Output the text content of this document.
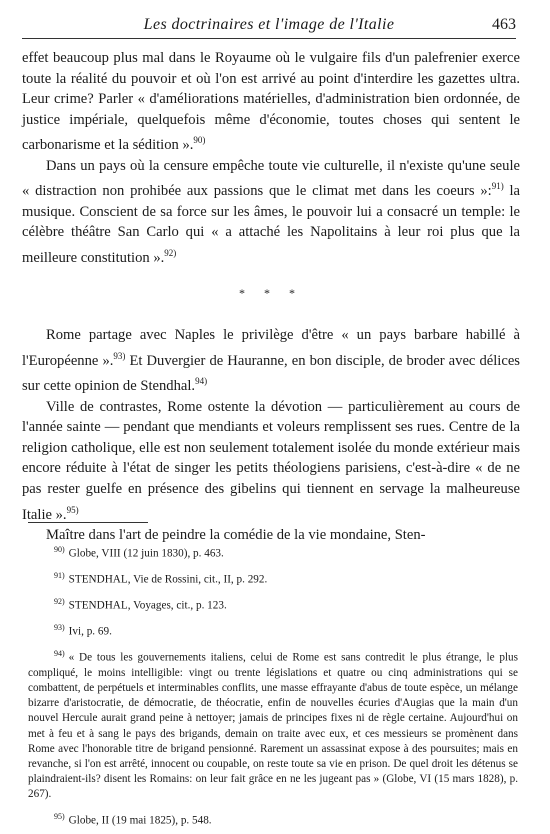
Les doctrinaires et l'image de l'Italie	463

effet beaucoup plus mal dans le Royaume où le vulgaire fils d'un palefrenier exerce toute la réalité du pouvoir et où l'on est arrivé au point d'interdire les gazettes ultra. Leur crime? Parler « d'améliorations matérielles, d'administration bien ordonnée, de justice impériale, quelquefois même d'économie, toutes choses qui sentent le carbonarisme et la sédition ».$^{90)}$

Dans un pays où la censure empêche toute vie culturelle, il n'existe qu'une seule « distraction non prohibée aux passions que le climat met dans les coeurs »:$^{91)}$ la musique. Conscient de sa force sur les âmes, le pouvoir lui a consacré un temple: le célèbre théâtre San Carlo qui « a attaché les Napolitains à leur roi plus que la meilleure constitution ».$^{92)}$

* * *

Rome partage avec Naples le privilège d'être « un pays barbare habillé à l'Européenne ».$^{93)}$ Et Duvergier de Hauranne, en bon disciple, de broder avec délices sur cette opinion de Stendhal.$^{94)}$

Ville de contrastes, Rome ostente la dévotion — particulièrement au cours de l'année sainte — pendant que mendiants et voleurs remplissent ses rues. Centre de la religion catholique, elle est non seulement totalement isolée du monde extérieur mais encore réduite à l'état de singer les petits théologiens parisiens, c'est-à-dire « de ne pas rester guelfe en présence des gibelins qui tiennent en servage la malheureuse Italie ».$^{95)}$

Maître dans l'art de peindre la comédie de la vie mondaine, Sten-

$^{90)}$ Globe, VIII (12 juin 1830), p. 463.

$^{91)}$ STENDHAL, Vie de Rossini, cit., II, p. 292.

$^{92)}$ STENDHAL, Voyages, cit., p. 123.

$^{93)}$ Ivi, p. 69.

$^{94)}$ « De tous les gouvernements italiens, celui de Rome est sans contredit le plus étrange, le plus compliqué, le moins intelligible: vingt ou trente législations et quatre ou cinq administrations qui se combattent, de perpétuels et interminables conflits, une masse effrayante d'abus de toute espèce, un mélange bizarre d'aristocratie, de démocratie, de théocratie, enfin de nouvelles écuries d'Augias que la main d'un nouvel Hercule aurait grand peine à nettoyer; jamais de principes fixes ni de règle certaine. Aujourd'hui on met à feu et à sang le pays des brigands, demain on traite avec eux, et ces messieurs se promènent dans Rome avec l'honorable titre de brigand pensionné. Rarement un assassinat expose à des poursuites; mais en revanche, si l'on est arrêté, innocent ou coupable, on reste toute sa vie en prison. De quel droit les détenus se plaindraient-ils? disent les Romains: on leur fait grâce en ne les jugeant pas » (Globe, VI (15 mars 1828), p. 267).

$^{95)}$ Globe, II (19 mai 1825), p. 548.
